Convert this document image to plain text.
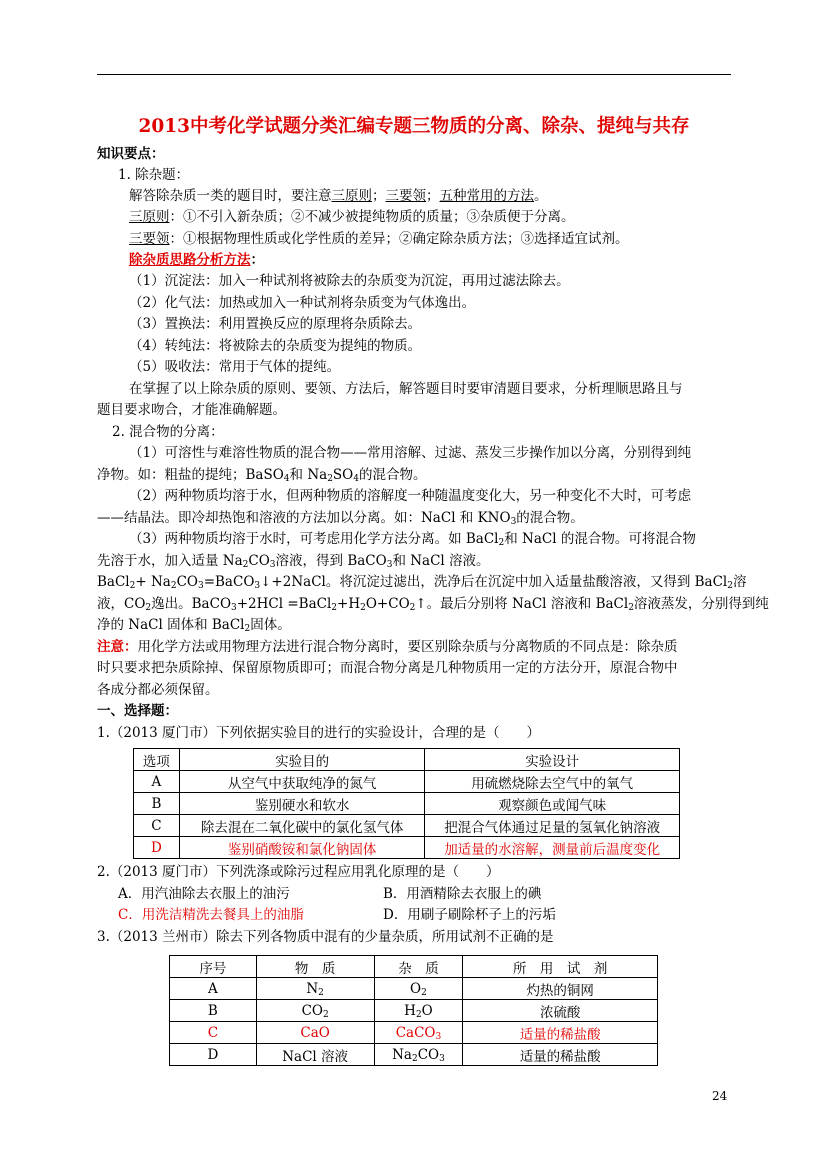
2013中考化学试题分类汇编专题三物质的分离、除杂、提纯与共存
知识要点：
1. 除杂题：
解答除杂质一类的题目时，要注意三原则；三要领；五种常用的方法。
三原则：①不引入新杂质；②不减少被提纯物质的质量；③杂质便于分离。
三要领：①根据物理性质或化学性质的差异；②确定除杂质方法；③选择适宜试剂。
除杂质思路分析方法：
（1）沉淀法：加入一种试剂将被除去的杂质变为沉淀，再用过滤法除去。
（2）化气法：加热或加入一种试剂将杂质变为气体逸出。
（3）置换法：利用置换反应的原理将杂质除去。
（4）转纯法：将被除去的杂质变为提纯的物质。
（5）吸收法：常用于气体的提纯。
在掌握了以上除杂质的原则、要领、方法后，解答题目时要审清题目要求，分析理顺思路且与
题目要求吻合，才能准确解题。
2. 混合物的分离：
（1）可溶性与难溶性物质的混合物——常用溶解、过滤、蒸发三步操作加以分离，分别得到纯
净物。如：粗盐的提纯；BaSO$_4$和 $Na_2SO_4$的混合物。
（2）两种物质均溶于水，但两种物质的溶解度一种随温度变化大，另一种变化不大时，可考虑
——结晶法。即冷却热饱和溶液的方法加以分离。如：NaCl 和 $KNO_3$的混合物。
（3）两种物质均溶于水时，可考虑用化学方法分离。如 BaCl$_2$和 NaCl 的混合物。可将混合物
先溶于水，加入适量 $Na_2CO_3$溶液，得到 BaCO$_3$和 NaCl 溶液。
BaCl$_2$+ $Na_2CO_3=BaCO_3↓+2NaCl$。将沉淀过滤出，洗净后在沉淀中加入适量盐酸溶液，又得到 BaCl$_2$溶
液，$CO_2$逸出。BaCO$_3$+2HCl $=BaCl_2+H_2O+CO_2↑$。最后分别将 NaCl 溶液和 BaCl$_2$溶液蒸发，分别得到纯
净的 NaCl 固体和 BaCl$_2$固体。
注意：用化学方法或用物理方法进行混合物分离时，要区别除杂质与分离物质的不同点是：除杂质
时只要求把杂质除掉、保留原物质即可；而混合物分离是几种物质用一定的方法分开，原混合物中
各成分都必须保留。
一、选择题：
1.（2013 厦门市）下列依据实验目的进行的实验设计，合理的是（　　）
选项	实验目的	实验设计
A	从空气中获取纯净的氮气	用硫燃烧除去空气中的氧气
B	鉴别硬水和软水	观察颜色或闻气味
C	除去混在二氧化碳中的氯化氢气体	把混合气体通过足量的氢氧化钠溶液
D	鉴别硝酸铵和氯化钠固体	加适量的水溶解，测量前后温度变化
2.（2013 厦门市）下列洗涤或除污过程应用乳化原理的是（　　）
A．用汽油除去衣服上的油污	B．用酒精除去衣服上的碘
C．用洗洁精洗去餐具上的油脂	D．用刷子刷除杯子上的污垢
3.（2013 兰州市）除去下列各物质中混有的少量杂质，所用试剂不正确的是
序号	物　质	杂　质	所　用　试　剂
A	$N_2$	$O_2$	灼热的铜网
B	$CO_2$	$H_2O$	浓硫酸
C	CaO	CaCO$_3$	适量的稀盐酸
D	NaCl 溶液	$Na_2CO_3$	适量的稀盐酸
24
